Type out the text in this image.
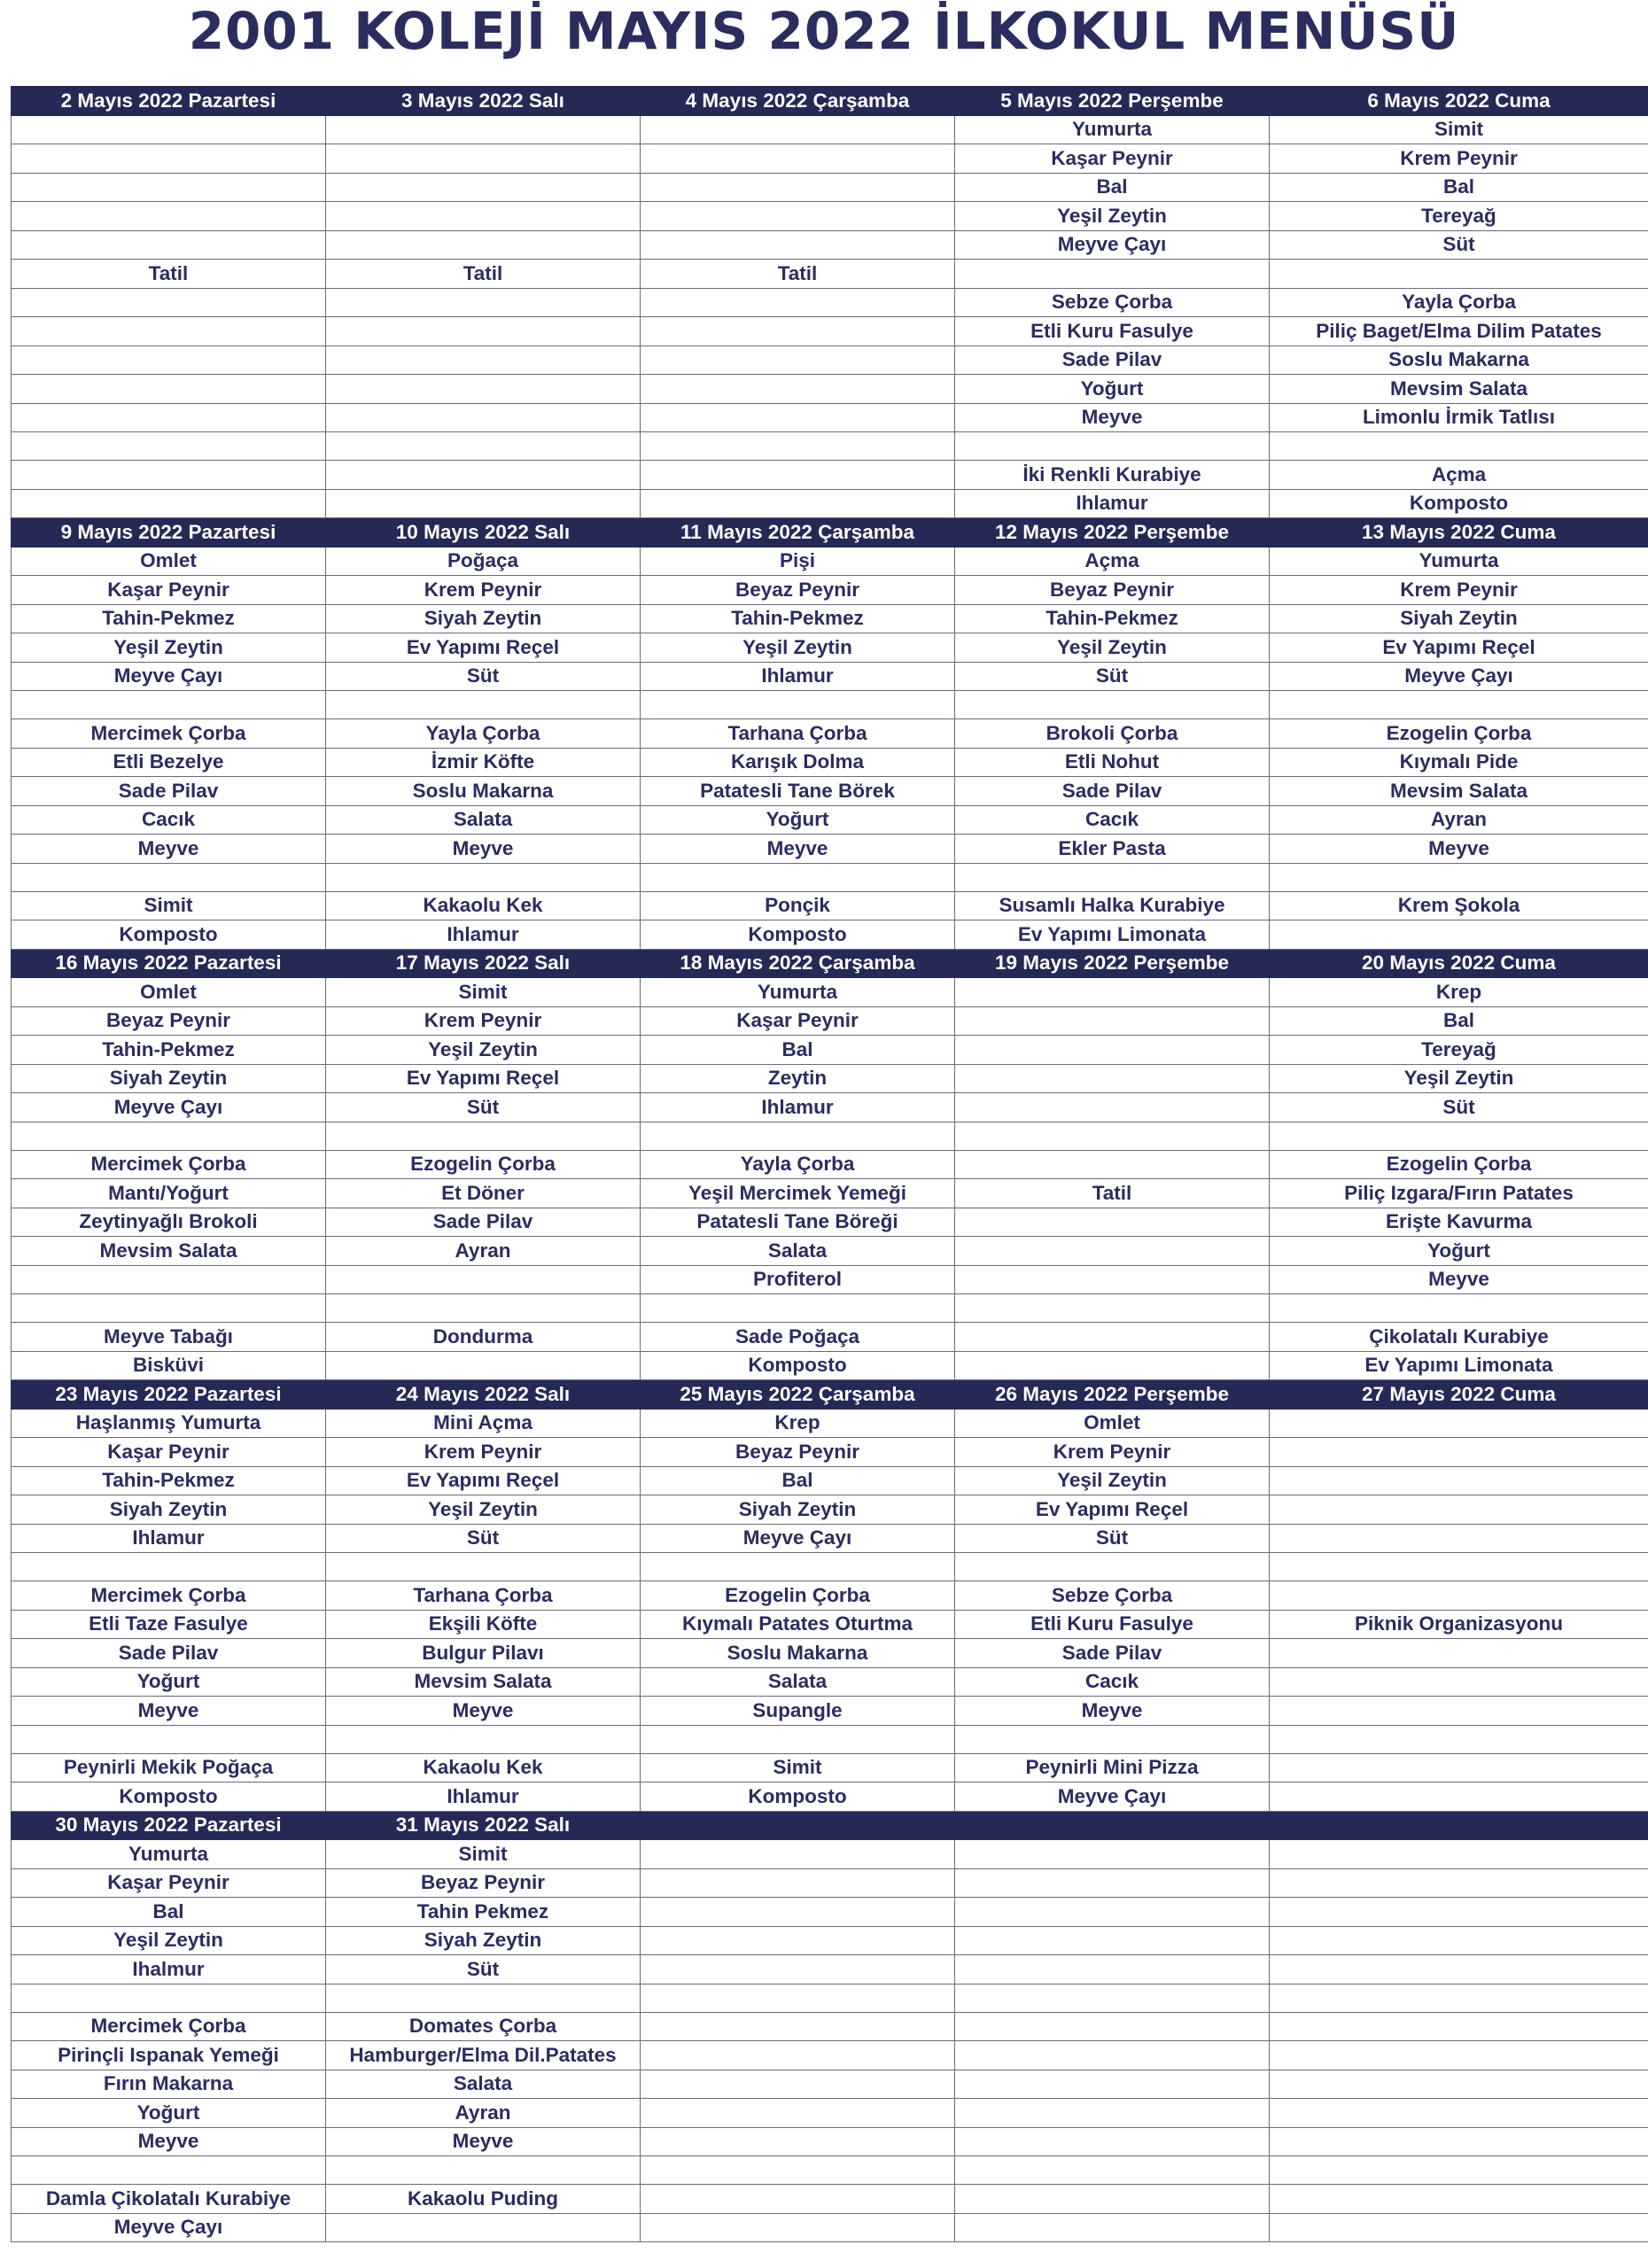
2001 KOLEJİ MAYIS 2022 İLKOKUL MENÜSÜ
2 Mayıs 2022 Pazartesi	3 Mayıs 2022 Salı	4 Mayıs 2022 Çarşamba	5 Mayıs 2022 Perşembe	6 Mayıs 2022 Cuma
			Yumurta	Simit
			Kaşar Peynir	Krem Peynir
			Bal	Bal
			Yeşil Zeytin	Tereyağ
			Meyve Çayı	Süt
Tatil	Tatil	Tatil		
			Sebze Çorba	Yayla Çorba
			Etli Kuru Fasulye	Piliç Baget/Elma Dilim Patates
			Sade Pilav	Soslu Makarna
			Yoğurt	Mevsim Salata
			Meyve	Limonlu İrmik Tatlısı

			İki Renkli Kurabiye	Açma
			Ihlamur	Komposto
9 Mayıs 2022 Pazartesi	10 Mayıs 2022 Salı	11 Mayıs 2022 Çarşamba	12 Mayıs 2022 Perşembe	13 Mayıs 2022 Cuma
Omlet	Poğaça	Pişi	Açma	Yumurta
Kaşar Peynir	Krem Peynir	Beyaz Peynir	Beyaz Peynir	Krem Peynir
Tahin-Pekmez	Siyah Zeytin	Tahin-Pekmez	Tahin-Pekmez	Siyah Zeytin
Yeşil Zeytin	Ev Yapımı Reçel	Yeşil Zeytin	Yeşil Zeytin	Ev Yapımı Reçel
Meyve Çayı	Süt	Ihlamur	Süt	Meyve Çayı

Mercimek Çorba	Yayla Çorba	Tarhana Çorba	Brokoli Çorba	Ezogelin Çorba
Etli Bezelye	İzmir Köfte	Karışık Dolma	Etli Nohut	Kıymalı Pide
Sade Pilav	Soslu Makarna	Patatesli Tane Börek	Sade Pilav	Mevsim Salata
Cacık	Salata	Yoğurt	Cacık	Ayran
Meyve	Meyve	Meyve	Ekler Pasta	Meyve

Simit	Kakaolu Kek	Ponçik	Susamlı Halka Kurabiye	Krem Şokola
Komposto	Ihlamur	Komposto	Ev Yapımı Limonata	
16 Mayıs 2022 Pazartesi	17 Mayıs 2022 Salı	18 Mayıs 2022 Çarşamba	19 Mayıs 2022 Perşembe	20 Mayıs 2022 Cuma
Omlet	Simit	Yumurta		Krep
Beyaz Peynir	Krem Peynir	Kaşar Peynir		Bal
Tahin-Pekmez	Yeşil Zeytin	Bal		Tereyağ
Siyah Zeytin	Ev Yapımı Reçel	Zeytin		Yeşil Zeytin
Meyve Çayı	Süt	Ihlamur		Süt

Mercimek Çorba	Ezogelin Çorba	Yayla Çorba		Ezogelin Çorba
Mantı/Yoğurt	Et Döner	Yeşil Mercimek Yemeği	Tatil	Piliç Izgara/Fırın Patates
Zeytinyağlı Brokoli	Sade Pilav	Patatesli Tane Böreği		Erişte Kavurma
Mevsim Salata	Ayran	Salata		Yoğurt
		Profiterol		Meyve

Meyve Tabağı	Dondurma	Sade Poğaça		Çikolatalı Kurabiye
Bisküvi		Komposto		Ev Yapımı Limonata
23 Mayıs 2022 Pazartesi	24 Mayıs 2022 Salı	25 Mayıs 2022 Çarşamba	26 Mayıs 2022 Perşembe	27 Mayıs 2022 Cuma
Haşlanmış Yumurta	Mini Açma	Krep	Omlet	
Kaşar Peynir	Krem Peynir	Beyaz Peynir	Krem Peynir	
Tahin-Pekmez	Ev Yapımı Reçel	Bal	Yeşil Zeytin	
Siyah Zeytin	Yeşil Zeytin	Siyah Zeytin	Ev Yapımı Reçel	
Ihlamur	Süt	Meyve Çayı	Süt	

Mercimek Çorba	Tarhana Çorba	Ezogelin Çorba	Sebze Çorba	
Etli Taze Fasulye	Ekşili Köfte	Kıymalı Patates Oturtma	Etli Kuru Fasulye	Piknik Organizasyonu
Sade Pilav	Bulgur Pilavı	Soslu Makarna	Sade Pilav	
Yoğurt	Mevsim Salata	Salata	Cacık	
Meyve	Meyve	Supangle	Meyve	

Peynirli Mekik Poğaça	Kakaolu Kek	Simit	Peynirli Mini Pizza	
Komposto	Ihlamur	Komposto	Meyve Çayı	
30 Mayıs 2022 Pazartesi	31 Mayıs 2022 Salı			
Yumurta	Simit			
Kaşar Peynir	Beyaz Peynir			
Bal	Tahin Pekmez			
Yeşil Zeytin	Siyah Zeytin			
Ihalmur	Süt			

Mercimek Çorba	Domates Çorba			
Pirinçli Ispanak Yemeği	Hamburger/Elma Dil.Patates			
Fırın Makarna	Salata			
Yoğurt	Ayran			
Meyve	Meyve			

Damla Çikolatalı Kurabiye	Kakaolu Puding			
Meyve Çayı				
